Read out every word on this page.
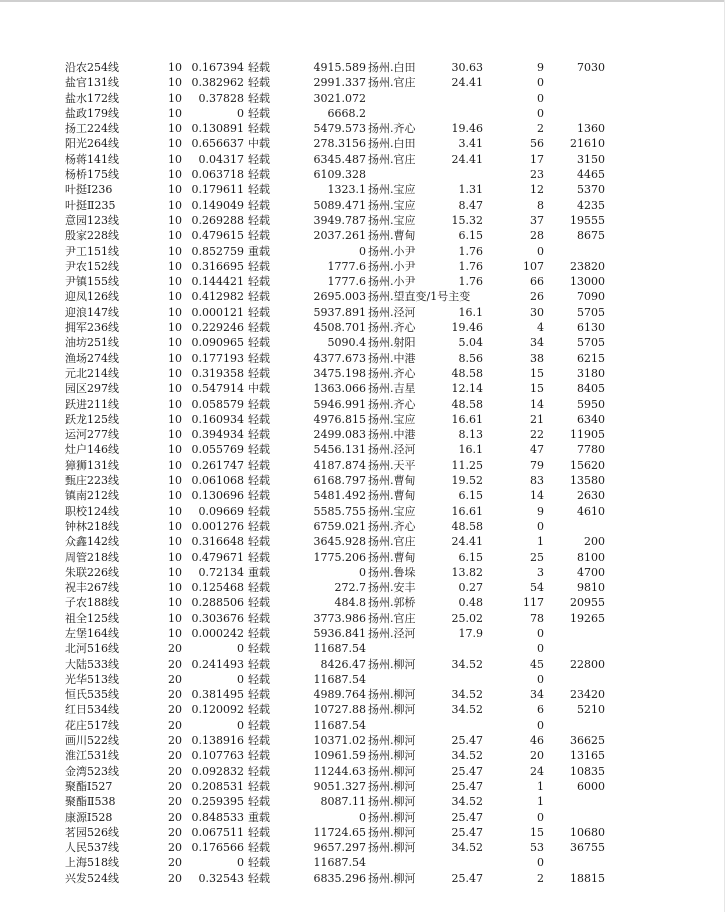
沿农254线	10 0.167394 轻载	4915.589 扬州.白田	30.63	9	7030
盐官131线	10 0.382962 轻载	2991.337 扬州.官庄	24.41	0
盐水172线	10	0.37828 轻载	3021.072	0
盐政179线	10	0 轻载	6668.2	0
扬工224线	10 0.130891 轻载	5479.573 扬州.齐心	19.46	2	1360
阳光264线	10 0.656637 中载	278.3156 扬州.白田	3.41	56	21610
杨蒋141线	10	0.04317 轻载	6345.487 扬州.官庄	24.41	17	3150
杨桥175线	10 0.063718 轻载	6109.328	23	4465
叶挺Ⅰ236	10 0.179611 轻载	1323.1 扬州.宝应	1.31	12	5370
叶挺Ⅱ235	10 0.149049 轻载	5089.471 扬州.宝应	8.47	8	4235
意园123线	10 0.269288 轻载	3949.787 扬州.宝应	15.32	37	19555
殷家228线	10 0.479615 轻载	2037.261 扬州.曹甸	6.15	28	8675
尹工151线	10 0.852759 重载	0 扬州.小尹	1.76	0
尹农152线	10 0.316695 轻载	1777.6 扬州.小尹	1.76	107	23820
尹镇155线	10 0.144421 轻载	1777.6 扬州.小尹	1.76	66	13000
迎凤126线	10 0.412982 轻载	2695.003 扬州.望直变/1号主变	26	7090
迎浪147线	10 0.000121 轻载	5937.891 扬州.泾河	16.1	30	5705
拥军236线	10 0.229246 轻载	4508.701 扬州.齐心	19.46	4	6130
油坊251线	10 0.090965 轻载	5090.4 扬州.射阳	5.04	34	5705
渔场274线	10 0.177193 轻载	4377.673 扬州.中港	8.56	38	6215
元北214线	10 0.319358 轻载	3475.198 扬州.齐心	48.58	15	3180
园区297线	10 0.547914 中载	1363.066 扬州.吉星	12.14	15	8405
跃进211线	10 0.058579 轻载	5946.991 扬州.齐心	48.58	14	5950
跃龙125线	10 0.160934 轻载	4976.815 扬州.宝应	16.61	21	6340
运河277线	10 0.394934 轻载	2499.083 扬州.中港	8.13	22	11905
灶户146线	10 0.055769 轻载	5456.131 扬州.泾河	16.1	47	7780
獐狮131线	10 0.261747 轻载	4187.874 扬州.天平	11.25	79	15620
甄庄223线	10 0.061068 轻载	6168.797 扬州.曹甸	19.52	83	13580
镇南212线	10 0.130696 轻载	5481.492 扬州.曹甸	6.15	14	2630
职校124线	10	0.09669 轻载	5585.755 扬州.宝应	16.61	9	4610
钟林218线	10 0.001276 轻载	6759.021 扬州.齐心	48.58	0
众鑫142线	10 0.316648 轻载	3645.928 扬州.官庄	24.41	1	200
周管218线	10 0.479671 轻载	1775.206 扬州.曹甸	6.15	25	8100
朱联226线	10	0.72134 重载	0 扬州.鲁垛	13.82	3	4700
祝丰267线	10 0.125468 轻载	272.7 扬州.安丰	0.27	54	9810
子农188线	10 0.288506 轻载	484.8 扬州.郭桥	0.48	117	20955
祖全125线	10 0.303676 轻载	3773.986 扬州.官庄	25.02	78	19265
左堡164线	10 0.000242 轻载	5936.841 扬州.泾河	17.9	0
北河516线	20	0 轻载	11687.54	0
大陆533线	20 0.241493 轻载	8426.47 扬州.柳河	34.52	45	22800
光华513线	20	0 轻载	11687.54	0
恒氏535线	20 0.381495 轻载	4989.764 扬州.柳河	34.52	34	23420
红日534线	20 0.120092 轻载	10727.88 扬州.柳河	34.52	6	5210
花庄517线	20	0 轻载	11687.54	0
画川522线	20 0.138916 轻载	10371.02 扬州.柳河	25.47	46	36625
淮江531线	20 0.107763 轻载	10961.59 扬州.柳河	34.52	20	13165
金湾523线	20 0.092832 轻载	11244.63 扬州.柳河	25.47	24	10835
聚酯Ⅰ527	20 0.208531 轻载	9051.327 扬州.柳河	25.47	1	6000
聚酯Ⅱ538	20 0.259395 轻载	8087.11 扬州.柳河	34.52	1
康源Ⅰ528	20 0.848533 重载	0 扬州.柳河	25.47	0
茗园526线	20 0.067511 轻载	11724.65 扬州.柳河	25.47	15	10680
人民537线	20 0.176566 轻载	9657.297 扬州.柳河	34.52	53	36755
上海518线	20	0 轻载	11687.54	0
兴发524线	20	0.32543 轻载	6835.296 扬州.柳河	25.47	2	18815
